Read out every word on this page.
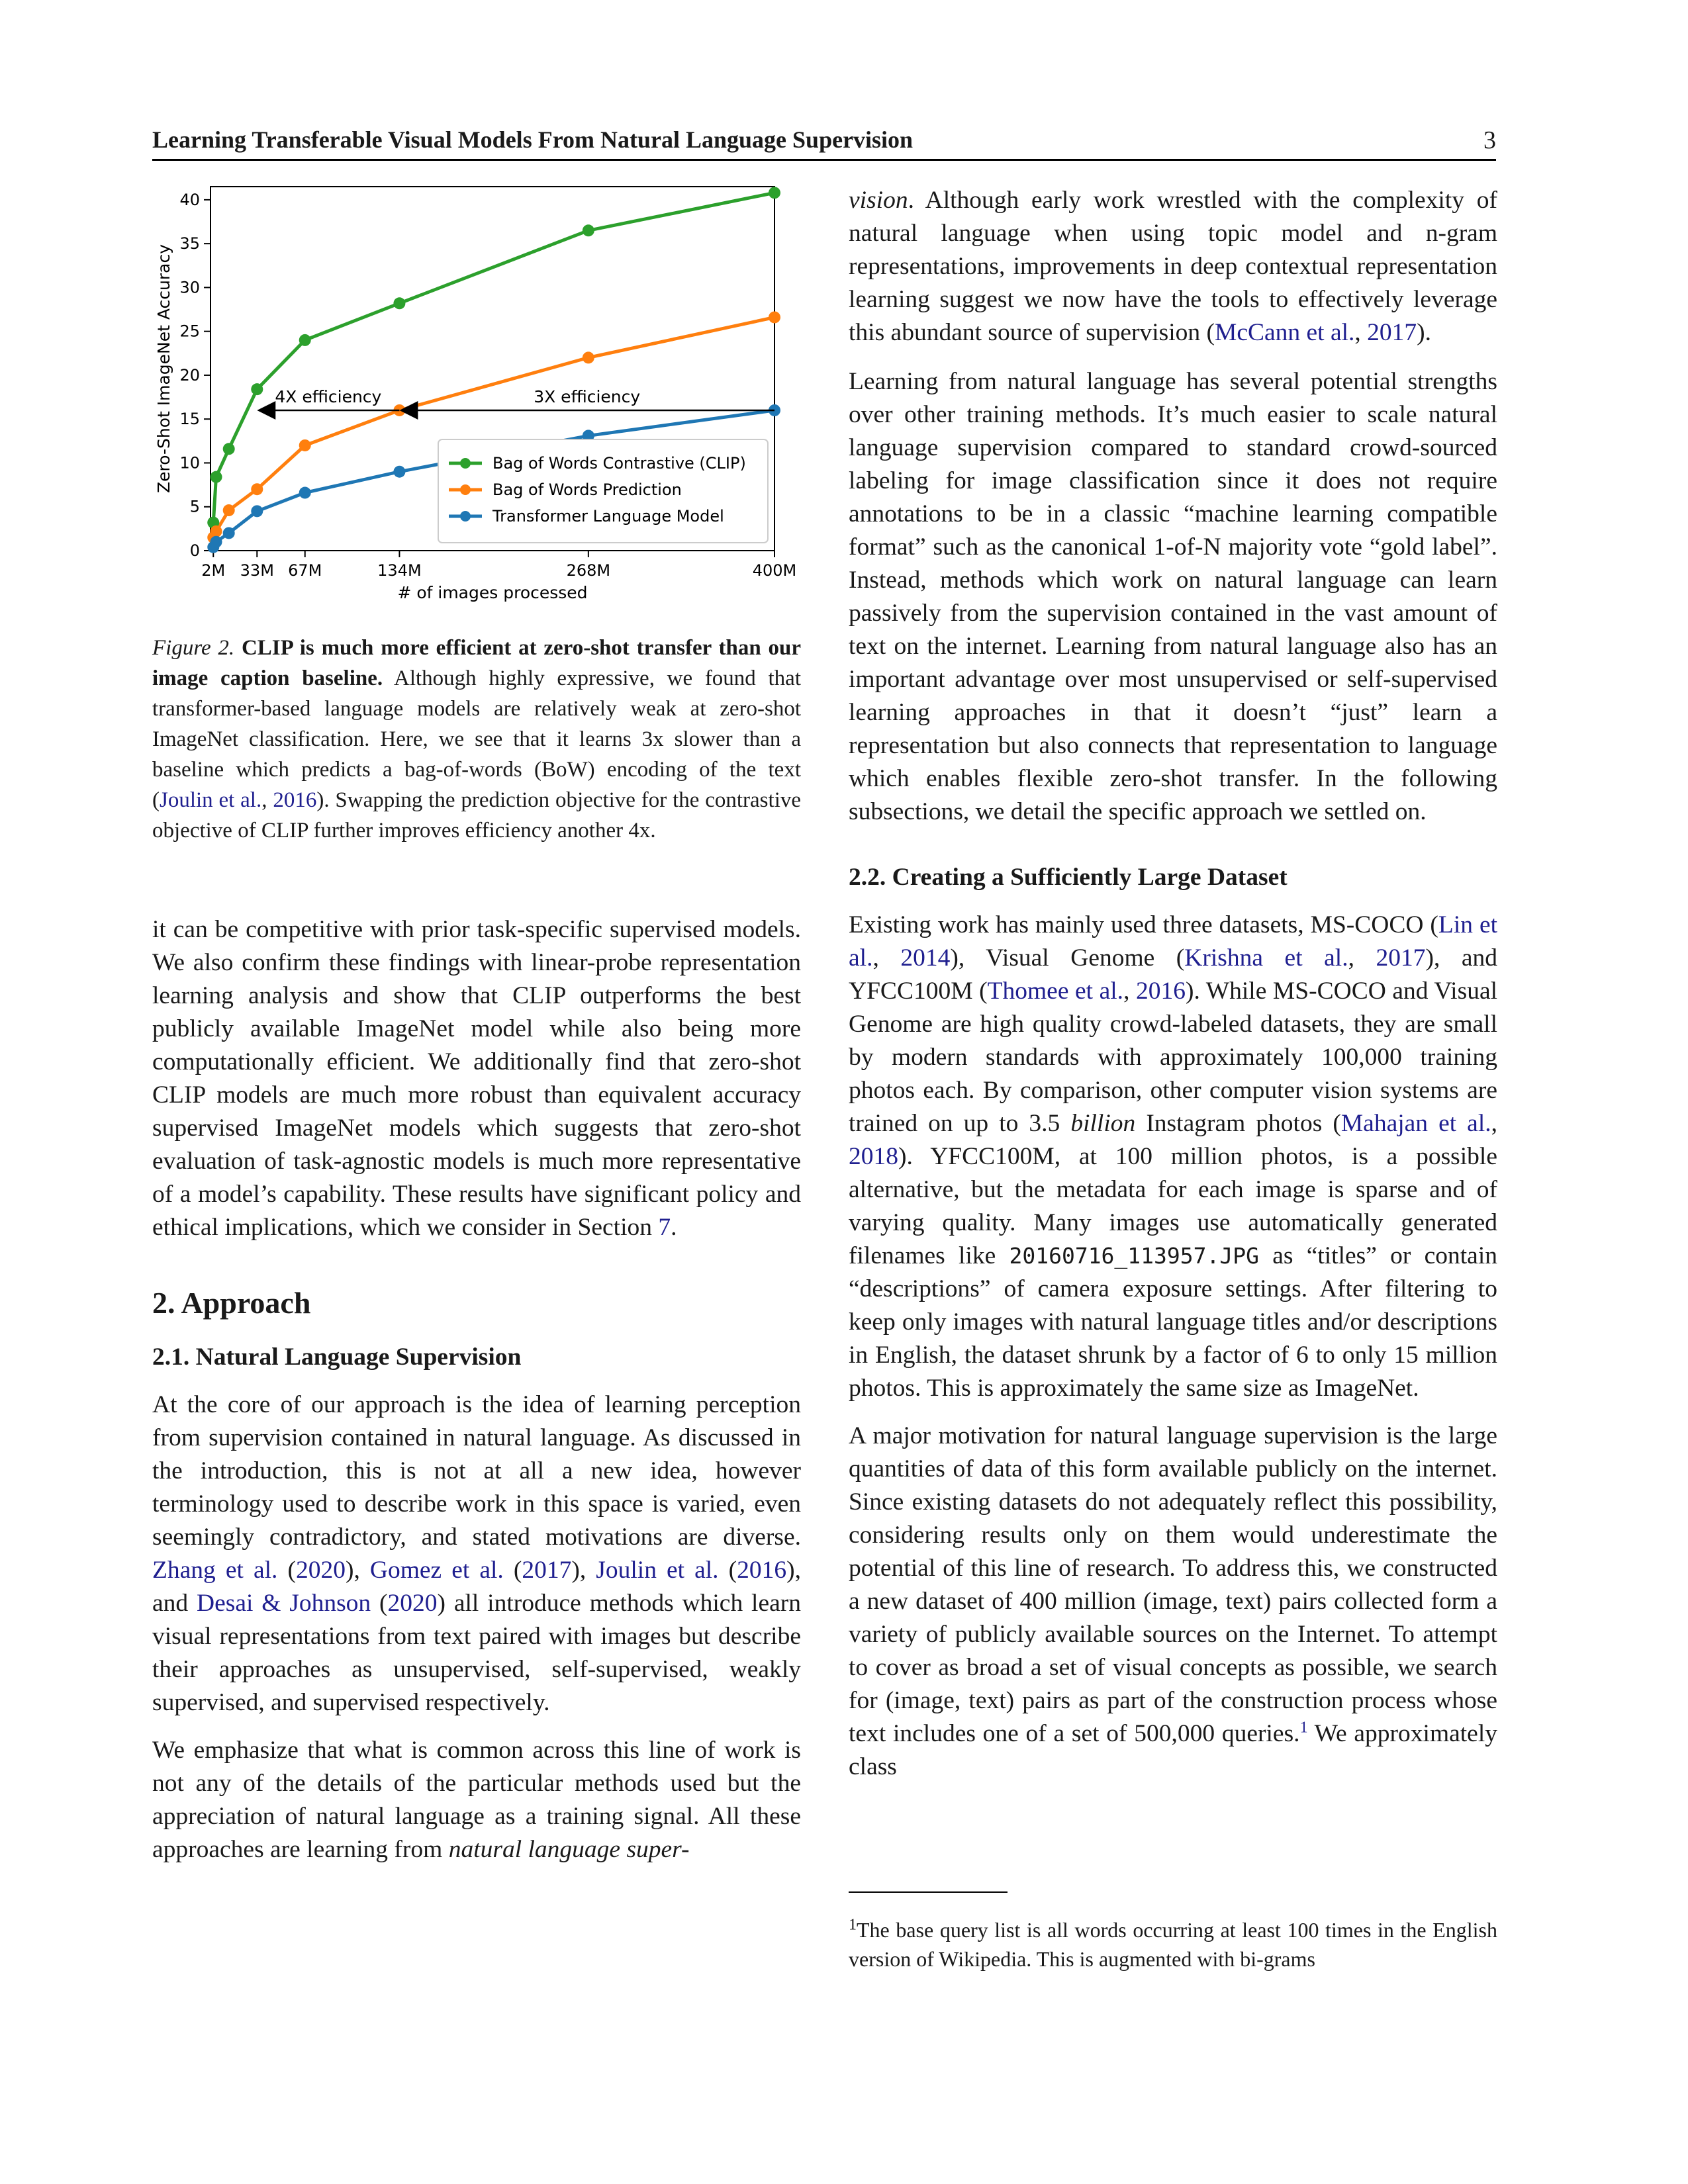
Learning Transferable Visual Models From Natural Language Supervision	3
0
5
10
15
20
25
30
35
40
2M 33M 67M	134M	268M	400M
# of images processed
Zero-Shot ImageNet Accuracy	4X efficiency	3X efficiency
Bag of Words Contrastive (CLIP)
Bag of Words Prediction
Transformer Language Model
Figure 2. CLIP is much more efficient at zero-shot transfer than our image caption baseline. Although highly expressive, we found that transformer-based language models are relatively weak at zero-shot ImageNet classification. Here, we see that it learns 3x slower than a baseline which predicts a bag-of-words (BoW) encoding of the text (Joulin et al., 2016). Swapping the prediction objective for the contrastive objective of CLIP further improves efficiency another 4x.

it can be competitive with prior task-specific supervised models. We also confirm these findings with linear-probe representation learning analysis and show that CLIP outperforms the best publicly available ImageNet model while also being more computationally efficient. We additionally find that zero-shot CLIP models are much more robust than equivalent accuracy supervised ImageNet models which suggests that zero-shot evaluation of task-agnostic models is much more representative of a model’s capability. These results have significant policy and ethical implications, which we consider in Section 7.

2. Approach
2.1. Natural Language Supervision

At the core of our approach is the idea of learning perception from supervision contained in natural language. As discussed in the introduction, this is not at all a new idea, however terminology used to describe work in this space is varied, even seemingly contradictory, and stated motivations are diverse. Zhang et al. (2020), Gomez et al. (2017), Joulin et al. (2016), and Desai & Johnson (2020) all introduce methods which learn visual representations from text paired with images but describe their approaches as unsupervised, self-supervised, weakly supervised, and supervised respectively.

We emphasize that what is common across this line of work is not any of the details of the particular methods used but the appreciation of natural language as a training signal. All these approaches are learning from natural language super-

vision. Although early work wrestled with the complexity of natural language when using topic model and n-gram representations, improvements in deep contextual representation learning suggest we now have the tools to effectively leverage this abundant source of supervision (McCann et al., 2017).

Learning from natural language has several potential strengths over other training methods. It’s much easier to scale natural language supervision compared to standard crowd-sourced labeling for image classification since it does not require annotations to be in a classic “machine learning compatible format” such as the canonical 1-of-N majority vote “gold label”. Instead, methods which work on natural language can learn passively from the supervision contained in the vast amount of text on the internet. Learning from natural language also has an important advantage over most unsupervised or self-supervised learning approaches in that it doesn’t “just” learn a representation but also connects that representation to language which enables flexible zero-shot transfer. In the following subsections, we detail the specific approach we settled on.

2.2. Creating a Sufficiently Large Dataset

Existing work has mainly used three datasets, MS-COCO (Lin et al., 2014), Visual Genome (Krishna et al., 2017), and YFCC100M (Thomee et al., 2016). While MS-COCO and Visual Genome are high quality crowd-labeled datasets, they are small by modern standards with approximately 100,000 training photos each. By comparison, other computer vision systems are trained on up to 3.5 billion Instagram photos (Mahajan et al., 2018). YFCC100M, at 100 million photos, is a possible alternative, but the metadata for each image is sparse and of varying quality. Many images use automatically generated filenames like 20160716_113957.JPG as “titles” or contain “descriptions” of camera exposure settings. After filtering to keep only images with natural language titles and/or descriptions in English, the dataset shrunk by a factor of 6 to only 15 million photos. This is approximately the same size as ImageNet.

A major motivation for natural language supervision is the large quantities of data of this form available publicly on the internet. Since existing datasets do not adequately reflect this possibility, considering results only on them would underestimate the potential of this line of research. To address this, we constructed a new dataset of 400 million (image, text) pairs collected form a variety of publicly available sources on the Internet. To attempt to cover as broad a set of visual concepts as possible, we search for (image, text) pairs as part of the construction process whose text includes one of a set of 500,000 queries.$^1$ We approximately class

$^1$The base query list is all words occurring at least 100 times in the English version of Wikipedia. This is augmented with bi-grams
